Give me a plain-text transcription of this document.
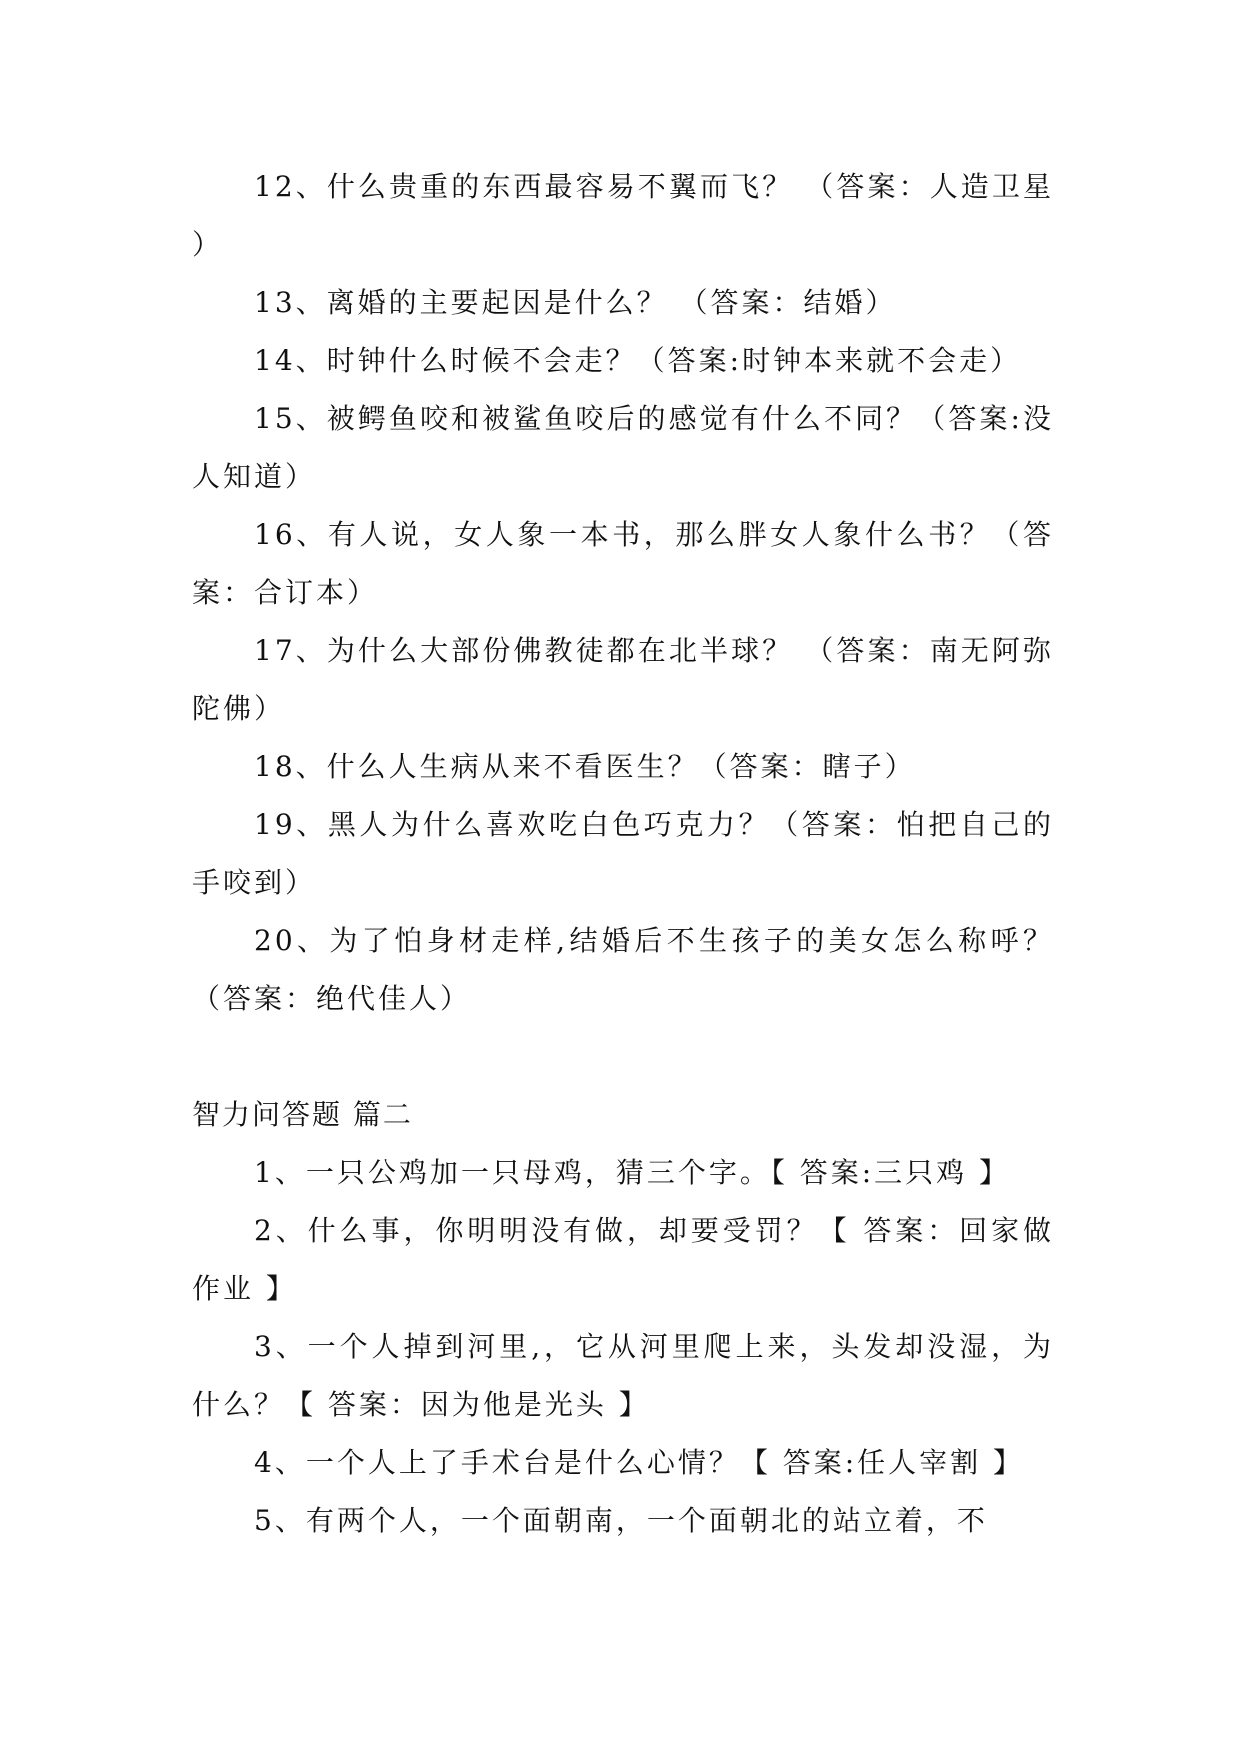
12、什么贵重的东西最容易不翼而飞？ （答案：人造卫星 ）

13、离婚的主要起因是什么？ （答案：结婚）

14、时钟什么时候不会走？（答案:时钟本来就不会走）

15、被鳄鱼咬和被鲨鱼咬后的感觉有什么不同？（答案:没人知道）

16、有人说，女人象一本书，那么胖女人象什么书？（答案：合订本）

17、为什么大部份佛教徒都在北半球？ （答案：南无阿弥陀佛）

18、什么人生病从来不看医生？（答案：瞎子）

19、黑人为什么喜欢吃白色巧克力？（答案：怕把自己的手咬到）

20、为了怕身材走样,结婚后不生孩子的美女怎么称呼？（答案：绝代佳人）

智力问答题 篇二

1、一只公鸡加一只母鸡，猜三个字。【 答案:三只鸡 】

2、什么事，你明明没有做，却要受罚？【 答案：回家做作业 】

3、一个人掉到河里,，它从河里爬上来，头发却没湿，为什么？【 答案：因为他是光头 】

4、一个人上了手术台是什么心情？【 答案:任人宰割 】

5、有两个人，一个面朝南，一个面朝北的站立着，不
